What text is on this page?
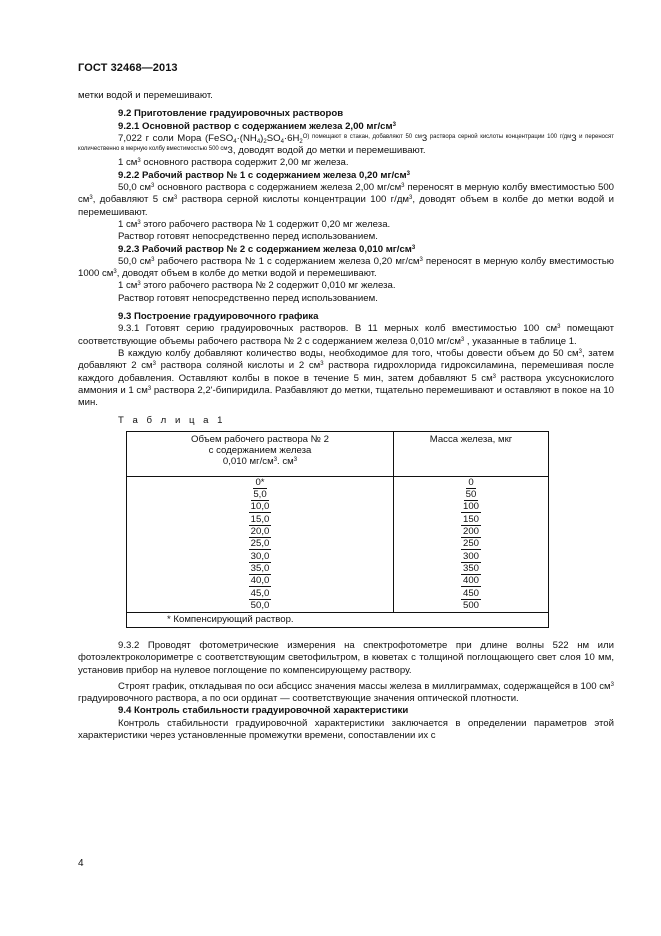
ГОСТ 32468—2013

метки водой и перемешивают.

9.2 Приготовление градуировочных растворов

9.2.1 Основной раствор с содержанием железа 2,00 $мг/см^3$

7,022 г соли Мора ($FeSO_4\cdot(NH_4)_2SO_4\cdot 6H_2^{O) помещают в стакан, добавляют 50 см}3$ $^{раствора серной кислоты концентрации 100 г/дм}$3 $^{и переносят количественно в мерную колбу вместимостью 500 см}$3, доводят водой до метки и перемешивают.

1 $см^3$ основного раствора содержит 2,00 мг железа.

9.2.2 Рабочий раствор № 1 с содержанием железа 0,20 $мг/см^3$

50,0 $см^3$ основного раствора с содержанием железа 2,00 $мг/см^3$ переносят в мерную колбу вместимостью 500 $см^3$, добавляют 5 $см^3$ раствора серной кислоты концентрации 100 $г/дм^3$, доводят объем в колбе до метки водой и перемешивают.

1 $см^3$ этого рабочего раствора № 1 содержит 0,20 мг железа.

Раствор готовят непосредственно перед использованием.

9.2.3 Рабочий раствор № 2 с содержанием железа 0,010 $мг/см^3$

50,0 $см^3$ рабочего раствора № 1 с содержанием железа 0,20 $мг/см^3$ переносят в мерную колбу вместимостью 1000 $см^3$, доводят объем в колбе до метки водой и перемешивают.

1 $см^3$ этого рабочего раствора № 2 содержит 0,010 мг железа.

Раствор готовят непосредственно перед использованием.

9.3 Построение градуировочного графика

9.3.1 Готовят серию градуировочных растворов. В 11 мерных колб вместимостью 100 $см^3$ помещают соответствующие объемы рабочего раствора № 2 с содержанием железа 0,010 $мг/см^3$ , указанные в таблице 1.

В каждую колбу добавляют количество воды, необходимое для того, чтобы довести объем до 50 $см^3$, затем добавляют 2 $см^3$ раствора соляной кислоты и 2 $см^3$ раствора гидрохлорида гидроксиламина, перемешивая после каждого добавления. Оставляют колбы в покое в течение 5 мин, затем добавляют 5 $см^3$ раствора уксуснокислого аммония и 1 $см^3$ раствора 2,2'-бипиридила. Разбавляют до метки, тщательно перемешивают и оставляют в покое на 10 мин.

Т а б л и ц а 1

Объем рабочего раствора № 2
с содержанием железа
0,010 $мг/см^3$. $см^3$	Масса железа, мкг
0*	0
5,0	50
10,0	100
15,0	150
20,0	200
25,0	250
30,0	300
35,0	350
40,0	400
45,0	450
50,0	500
* Компенсирующий раствор.	

9.3.2 Проводят фотометрические измерения на спектрофотометре при длине волны 522 нм или фотоэлектроколориметре с соответствующим светофильтром, в кюветах с толщиной поглощающего свет слоя 10 мм, установив прибор на нулевое поглощение по компенсирующему раствору.

Строят график, откладывая по оси абсцисс значения массы железа в миллиграммах, содержащейся в 100 $см^3$ градуировочного раствора, а по оси ординат — соответствующие значения оптической плотности.

9.4 Контроль стабильности градуировочной характеристики

Контроль стабильности градуировочной характеристики заключается в определении параметров этой характеристики через установленные промежутки времени, сопоставлении их с

4
